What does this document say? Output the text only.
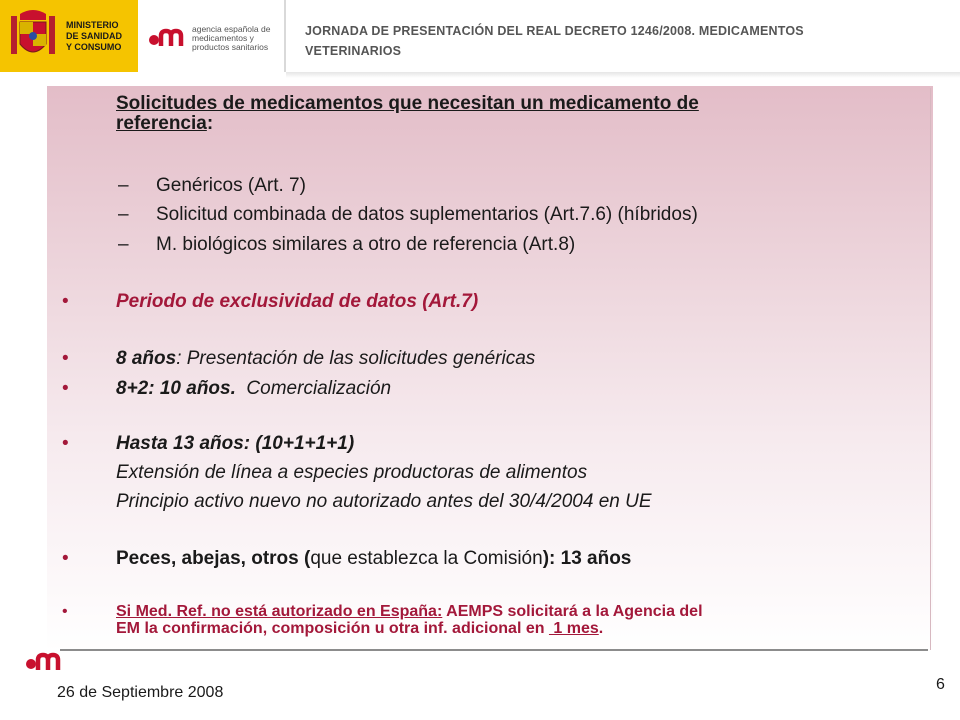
MINISTERIO
DE SANIDAD
Y CONSUMO
agencia española de
medicamentos y
productos sanitarios
JORNADA DE PRESENTACIÓN DEL REAL DECRETO 1246/2008. MEDICAMENTOS
VETERINARIOS
Solicitudes de medicamentos que necesitan un medicamento de
referencia:
– Genéricos (Art. 7)
– Solicitud combinada de datos suplementarios (Art.7.6) (híbridos)
– M. biológicos similares a otro de referencia (Art.8)
• Periodo de exclusividad de datos (Art.7)
• 8 años: Presentación de las solicitudes genéricas
• 8+2: 10 años.  Comercialización
• Hasta 13 años: (10+1+1+1)
Extensión de línea a especies productoras de alimentos
Principio activo nuevo no autorizado antes del 30/4/2004 en UE
• Peces, abejas, otros (que establezca la Comisión): 13 años
•	Si Med. Ref. no está autorizado en España: AEMPS solicitará a la Agencia del
EM la confirmación, composición u otra inf. adicional en  1 mes.
26 de Septiembre 2008	6
